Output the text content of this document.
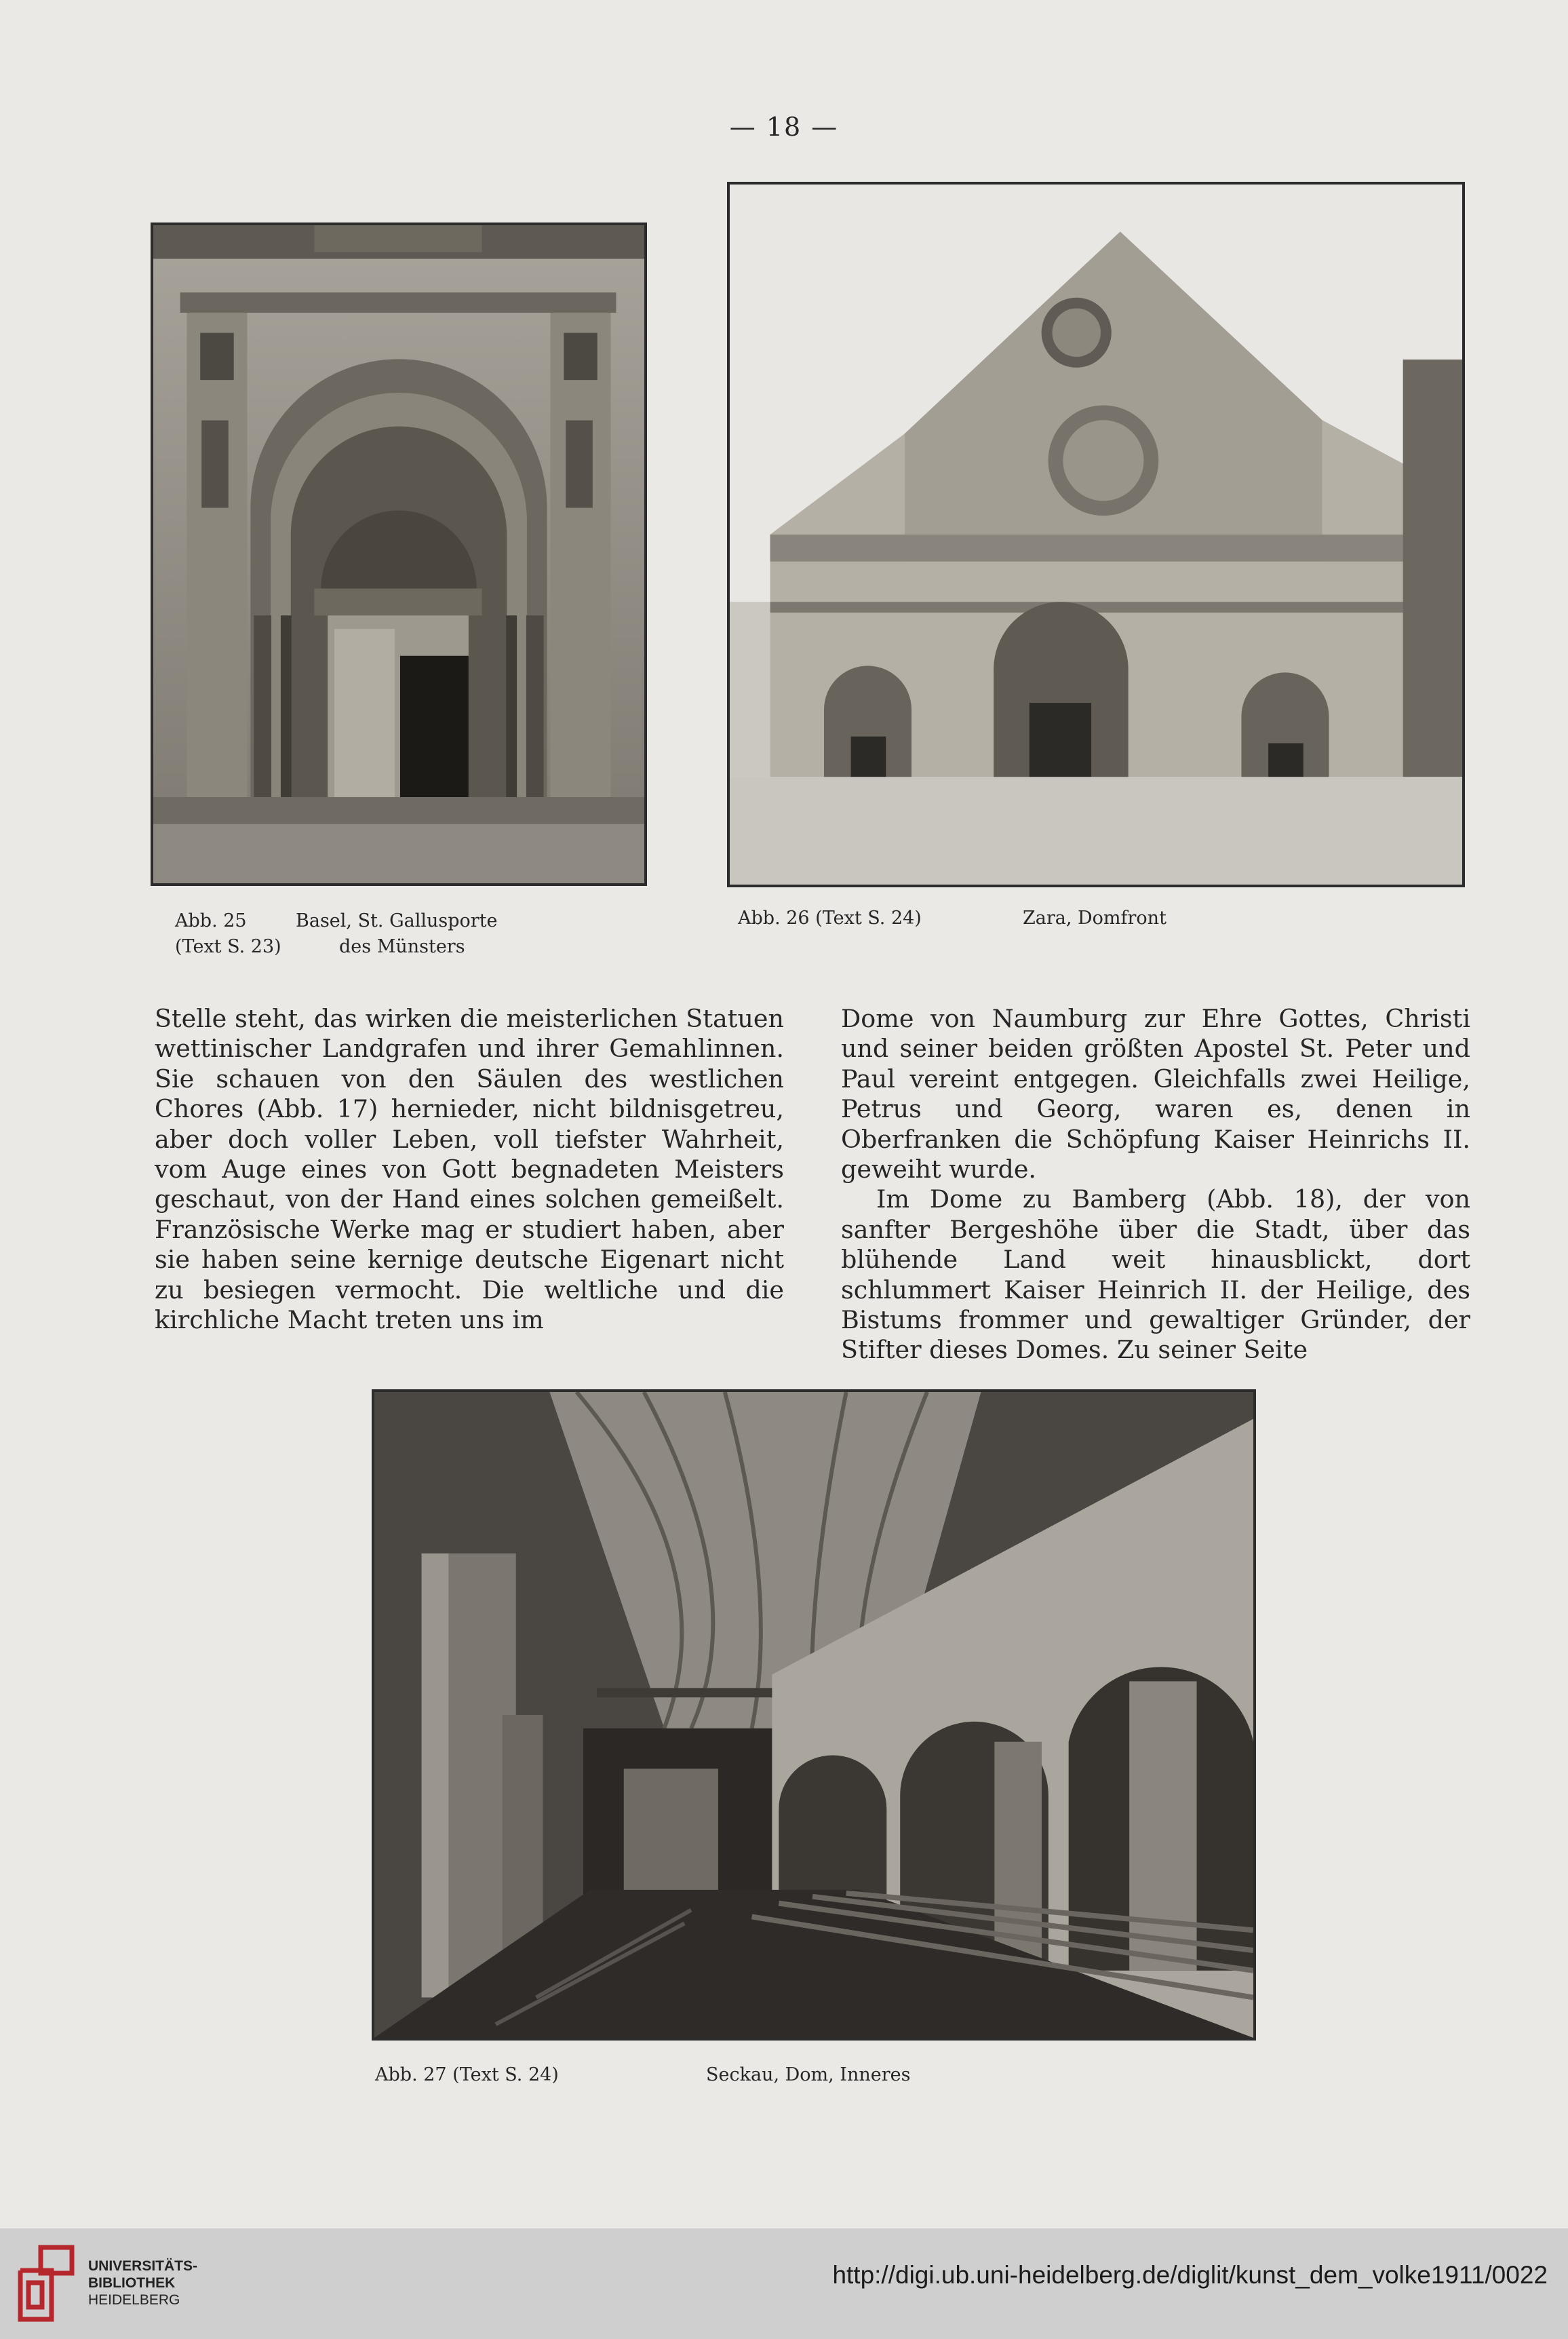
— 18 —
Abb. 25
(Text S. 23)
Basel, St. Gallusporte
des Münsters
Abb. 26 (Text S. 24)	Zara, Domfront

Stelle steht, das wirken die meisterlichen Statuen wettinischer Landgrafen und ihrer Gemahlinnen. Sie schauen von den Säulen des westlichen Chores (Abb. 17) hernieder, nicht bildnisgetreu, aber doch voller Leben, voll tiefster Wahrheit, vom Auge eines von Gott begnadeten Meisters geschaut, von der Hand eines solchen gemeißelt. Französische Werke mag er studiert haben, aber sie haben seine kernige deutsche Eigenart nicht zu besiegen vermocht. Die weltliche und die kirchliche Macht treten uns im

Dome von Naumburg zur Ehre Gottes, Christi und seiner beiden größten Apostel St. Peter und Paul vereint entgegen. Gleichfalls zwei Heilige, Petrus und Georg, waren es, denen in Oberfranken die Schöpfung Kaiser Heinrichs II. geweiht wurde.

Im Dome zu Bamberg (Abb. 18), der von sanfter Bergeshöhe über die Stadt, über das blühende Land weit hinausblickt, dort schlummert Kaiser Heinrich II. der Heilige, des Bistums frommer und gewaltiger Gründer, der Stifter dieses Domes. Zu seiner Seite

Abb. 27 (Text S. 24)	Seckau, Dom, Inneres
UNIVERSITÄTS-
BIBLIOTHEK
HEIDELBERG
http://digi.ub.uni-heidelberg.de/diglit/kunst_dem_volke1911/0022
